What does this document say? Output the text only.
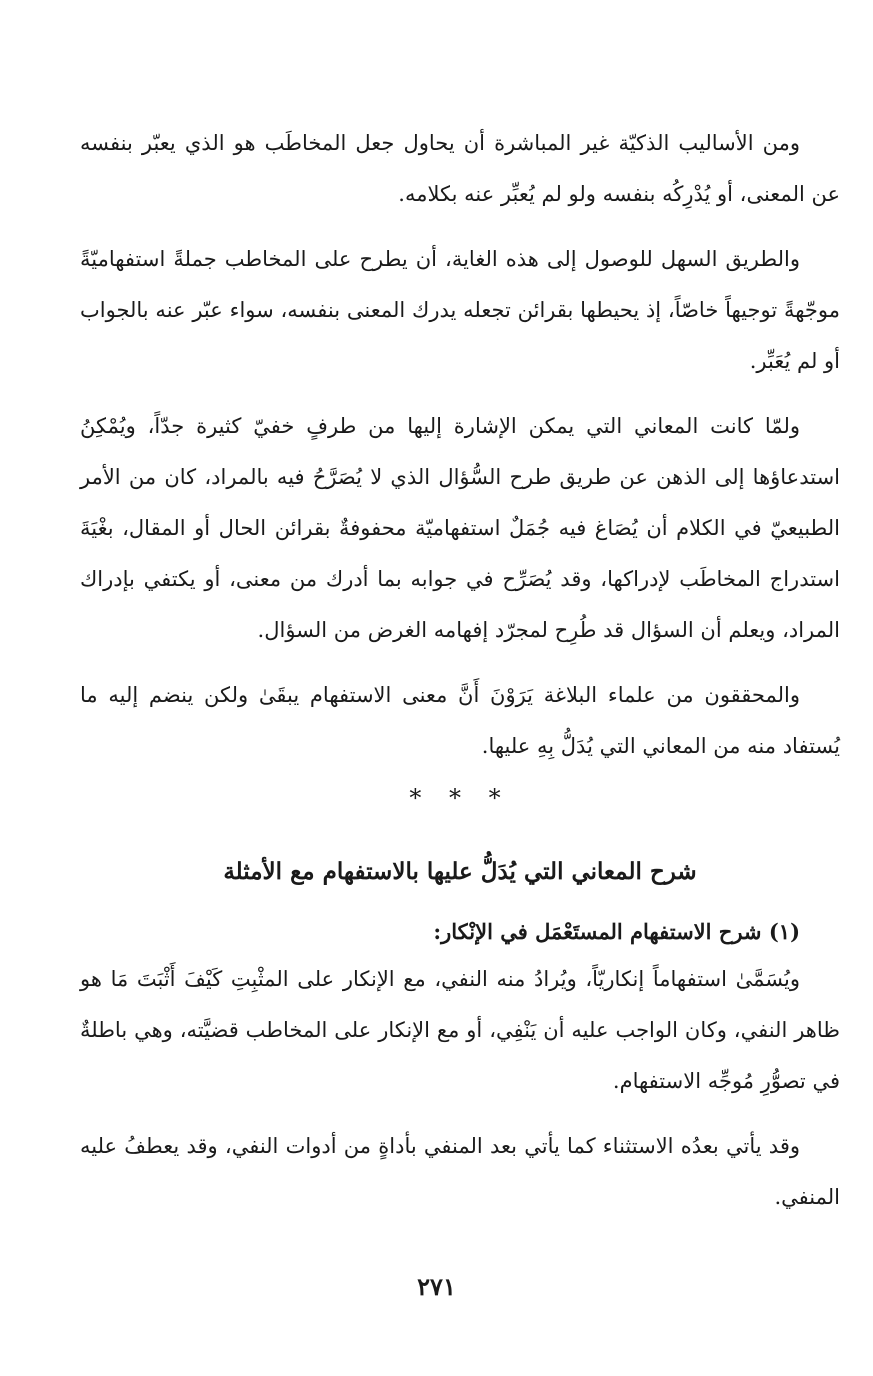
ومن الأساليب الذكيّة غير المباشرة أن يحاول جعل المخاطَب هو الذي يعبّر بنفسه عن المعنى، أو يُدْرِكُه بنفسه ولو لم يُعبِّر عنه بكلامه.

والطريق السهل للوصول إلى هذه الغاية، أن يطرح على المخاطب جملةً استفهاميّةً موجّهةً توجيهاً خاصّاً، إذ يحيطها بقرائن تجعله يدرك المعنى بنفسه، سواء عبّر عنه بالجواب أو لم يُعَبِّر.

ولمّا كانت المعاني التي يمكن الإشارة إليها من طرفٍ خفيّ كثيرة جدّاً، ويُمْكِنُ استدعاؤها إلى الذهن عن طريق طرح السُّؤال الذي لا يُصَرَّحُ فيه بالمراد، كان من الأمر الطبيعيّ في الكلام أن يُصَاغ فيه جُمَلٌ استفهاميّة محفوفةٌ بقرائن الحال أو المقال، بغْيَةَ استدراج المخاطَب لإدراكها، وقد يُصَرِّح في جوابه بما أدرك من معنى، أو يكتفي بإدراك المراد، ويعلم أن السؤال قد طُرِح لمجرّد إفهامه الغرض من السؤال.

والمحققون من علماء البلاغة يَرَوْنَ أَنَّ معنى الاستفهام يبقَىٰ ولكن ينضم إليه ما يُستفاد منه من المعاني التي يُدَلُّ بِهِ عليها.

* * *
شرح المعاني التي يُدَلُّ عليها بالاستفهام مع الأمثلة
(١) شرح الاستفهام المستَعْمَل في الإنْكار:

ويُسَمَّىٰ استفهاماً إنكاريّاً، ويُرادُ منه النفي، مع الإنكار على المثْبِتِ كَيْفَ أَثْبَتَ مَا هو ظاهر النفي، وكان الواجب عليه أن يَنْفِي، أو مع الإنكار على المخاطب قضيَّته، وهي باطلةٌ في تصوُّرِ مُوجِّه الاستفهام.

وقد يأتي بعدُه الاستثناء كما يأتي بعد المنفي بأداةٍ من أدوات النفي، وقد يعطفُ عليه المنفي.

٢٧١
